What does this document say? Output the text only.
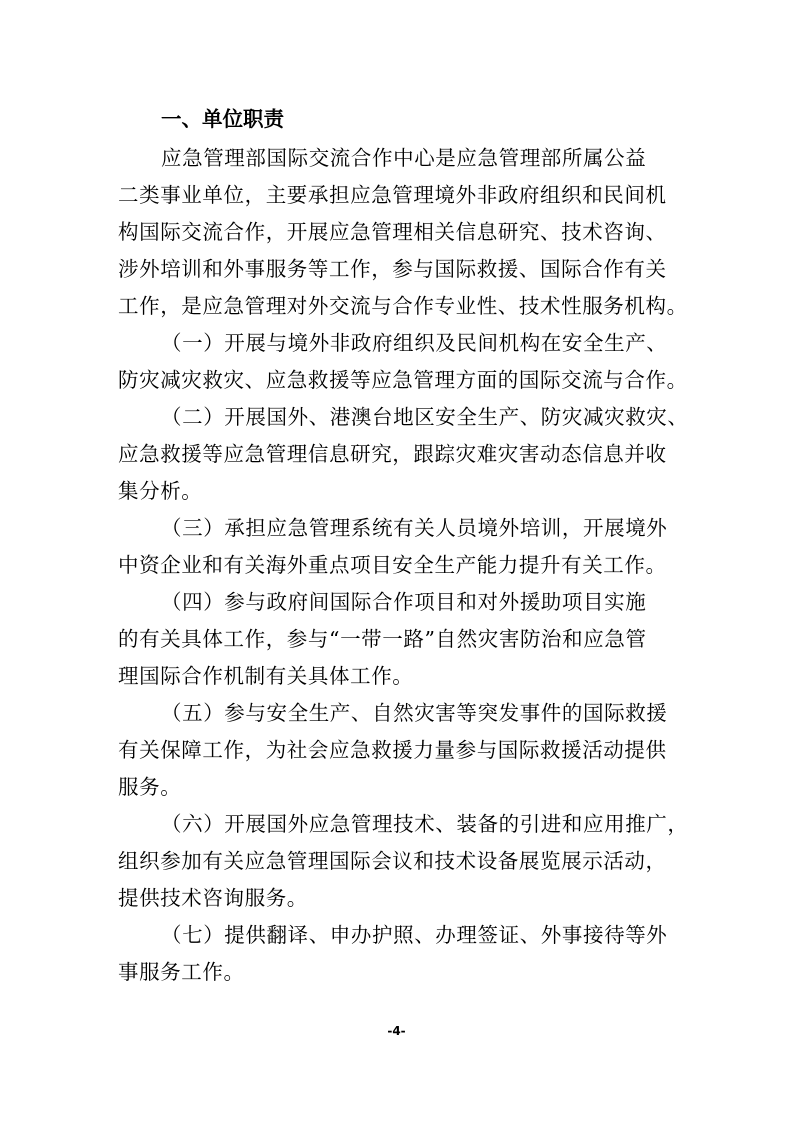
一、单位职责
应急管理部国际交流合作中心是应急管理部所属公益
二类事业单位，主要承担应急管理境外非政府组织和民间机
构国际交流合作，开展应急管理相关信息研究、技术咨询、
涉外培训和外事服务等工作，参与国际救援、国际合作有关
工作，是应急管理对外交流与合作专业性、技术性服务机构。
（一）开展与境外非政府组织及民间机构在安全生产、
防灾减灾救灾、应急救援等应急管理方面的国际交流与合作。
（二）开展国外、港澳台地区安全生产、防灾减灾救灾、
应急救援等应急管理信息研究，跟踪灾难灾害动态信息并收
集分析。
（三）承担应急管理系统有关人员境外培训，开展境外
中资企业和有关海外重点项目安全生产能力提升有关工作。
（四）参与政府间国际合作项目和对外援助项目实施
的有关具体工作，参与“一带一路”自然灾害防治和应急管
理国际合作机制有关具体工作。
（五）参与安全生产、自然灾害等突发事件的国际救援
有关保障工作，为社会应急救援力量参与国际救援活动提供
服务。
（六）开展国外应急管理技术、装备的引进和应用推广，
组织参加有关应急管理国际会议和技术设备展览展示活动，
提供技术咨询服务。
（七）提供翻译、申办护照、办理签证、外事接待等外
事服务工作。
-4-
